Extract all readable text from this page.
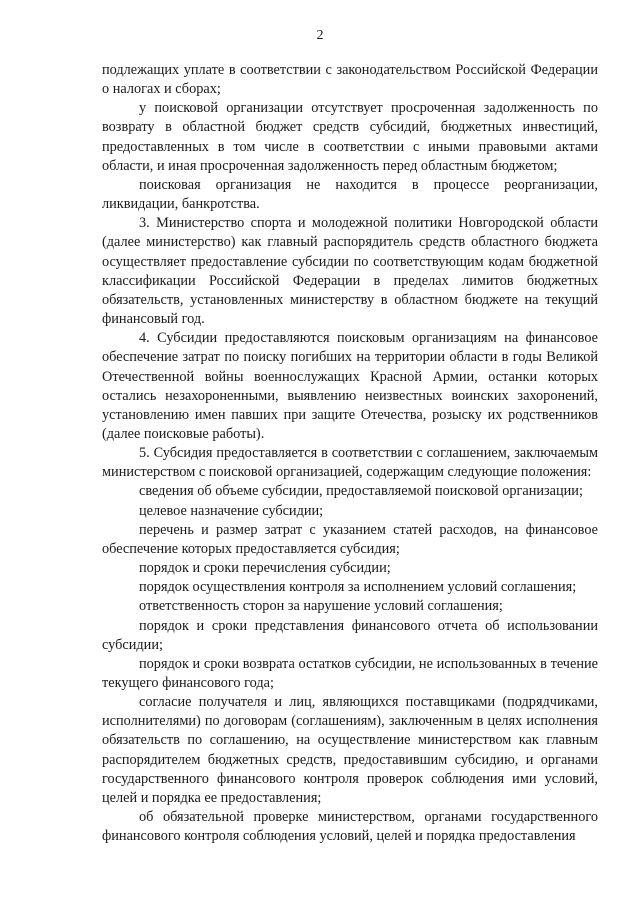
2

подлежащих уплате в соответствии с законодательством Российской Федерации о налогах и сборах;

у поисковой организации отсутствует просроченная задолженность по возврату в областной бюджет средств субсидий, бюджетных инвестиций, предоставленных в том числе в соответствии с иными правовыми актами области, и иная просроченная задолженность перед областным бюджетом;

поисковая организация не находится в процессе реорганизации, ликвидации, банкротства.

3. Министерство спорта и молодежной политики Новгородской области (далее министерство) как главный распорядитель средств областного бюджета осуществляет предоставление субсидии по соответствующим кодам бюджетной классификации Российской Федерации в пределах лимитов бюджетных обязательств, установленных министерству в областном бюджете на текущий финансовый год.

4. Субсидии предоставляются поисковым организациям на финансовое обеспечение затрат по поиску погибших на территории области в годы Великой Отечественной войны военнослужащих Красной Армии, останки которых остались незахороненными, выявлению неизвестных воинских захоронений, установлению имен павших при защите Отечества, розыску их родственников (далее поисковые работы).

5. Субсидия предоставляется в соответствии с соглашением, заключаемым министерством с поисковой организацией, содержащим следующие положения:

сведения об объеме субсидии, предоставляемой поисковой организации;

целевое назначение субсидии;

перечень и размер затрат с указанием статей расходов, на финансовое обеспечение которых предоставляется субсидия;

порядок и сроки перечисления субсидии;

порядок осуществления контроля за исполнением условий соглашения;

ответственность сторон за нарушение условий соглашения;

порядок и сроки представления финансового отчета об использовании субсидии;

порядок и сроки возврата остатков субсидии, не использованных в течение текущего финансового года;

согласие получателя и лиц, являющихся поставщиками (подрядчиками, исполнителями) по договорам (соглашениям), заключенным в целях исполнения обязательств по соглашению, на осуществление министерством как главным распорядителем бюджетных средств, предоставившим субсидию, и органами государственного финансового контроля проверок соблюдения ими условий, целей и порядка ее предоставления;

об обязательной проверке министерством, органами государственного финансового контроля соблюдения условий, целей и порядка предоставления
